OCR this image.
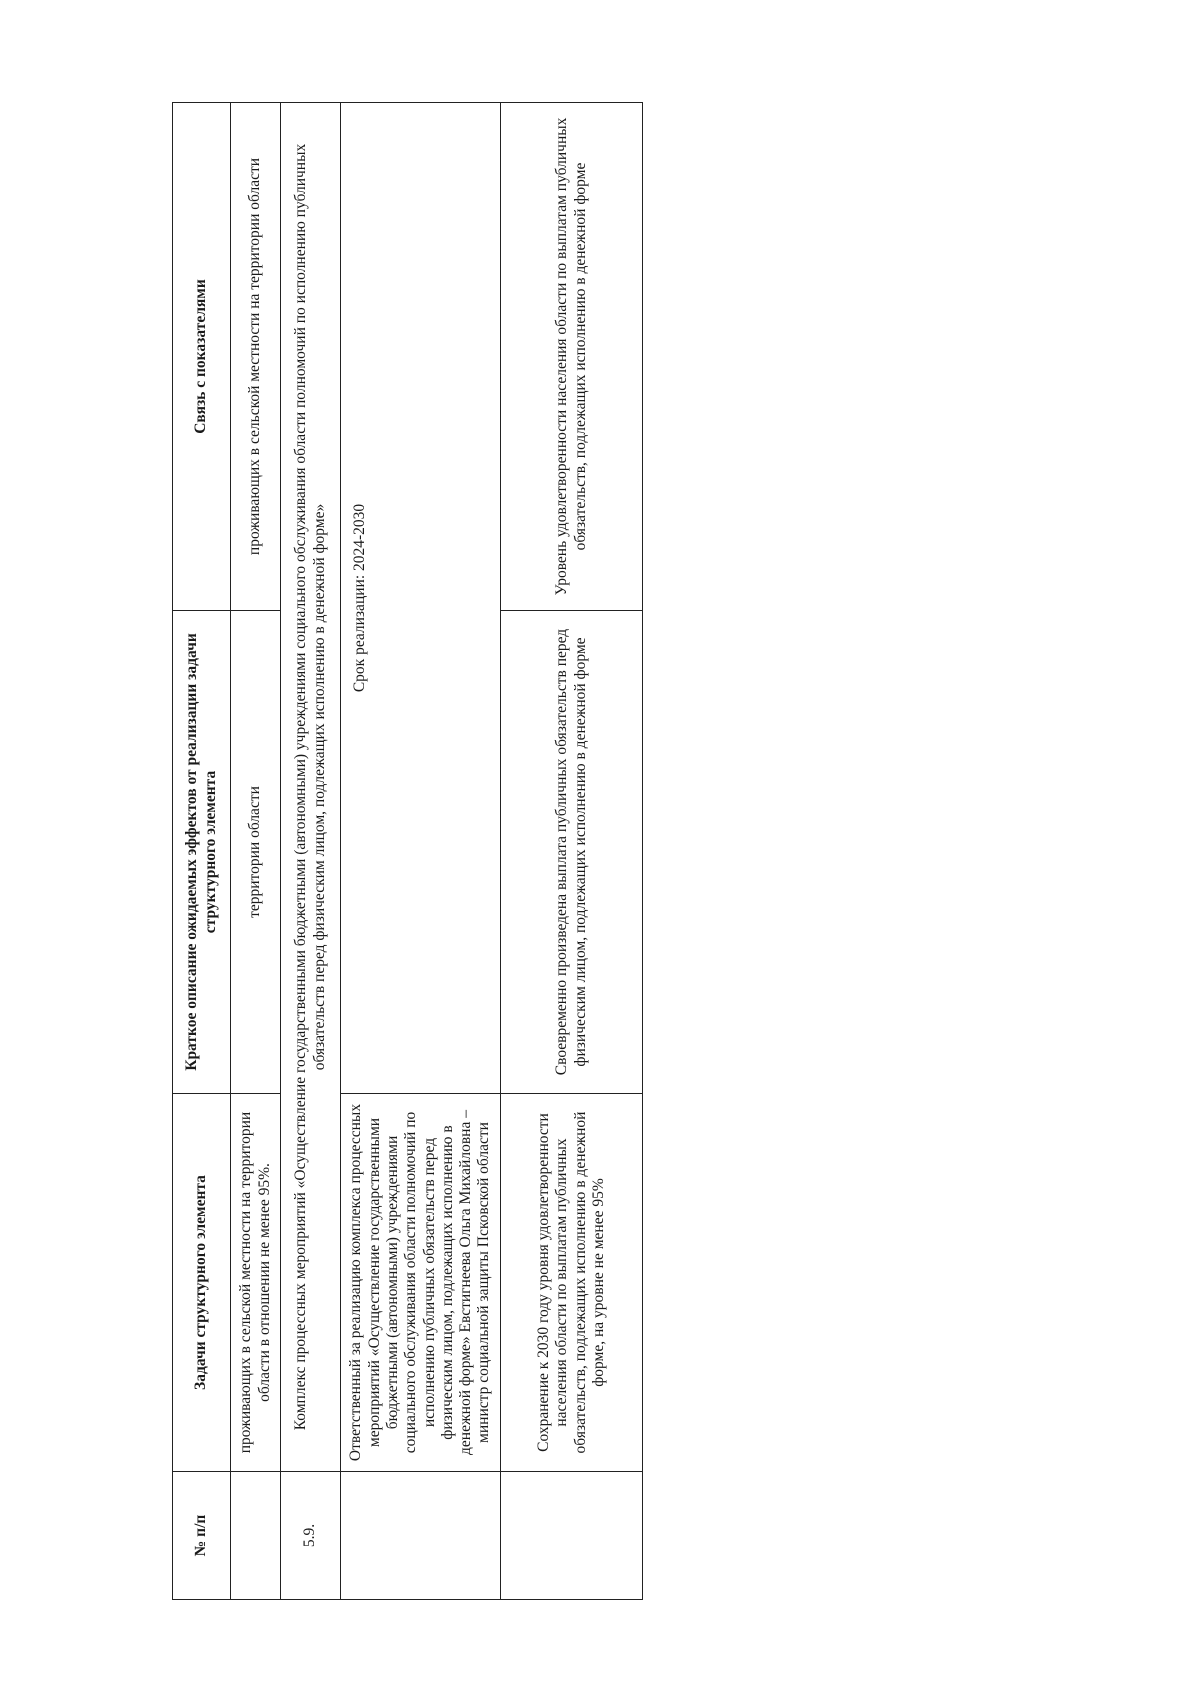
№ п/п	Задачи структурного элемента	Краткое описание ожидаемых эффектов от реализации задачи структурного элемента	Связь с показателями
	проживающих в сельской местности на территории области в отношении не менее 95%.	территории области	проживающих в сельской местности на территории области
5.9.	Комплекс процессных мероприятий «Осуществление государственными бюджетными (автономными) учреждениями социального обслуживания области полномочий по исполнению публичных обязательств перед физическим лицом, подлежащих исполнению в денежной форме»		
	Ответственный за реализацию комплекса процессных мероприятий «Осуществление государственными бюджетными (автономными) учреждениями социального обслуживания области полномочий по исполнению публичных обязательств перед физическим лицом, подлежащих исполнению в денежной форме» Евстигнеева Ольга Михайловна – министр социальной защиты Псковской области	Срок реализации: 2024-2030	
	Сохранение к 2030 году уровня удовлетворенности населения области по выплатам публичных обязательств, подлежащих исполнению в денежной форме, на уровне не менее 95%	Своевременно произведена выплата публичных обязательств перед физическим лицом, подлежащих исполнению в денежной форме	Уровень удовлетворенности населения области по выплатам публичных обязательств, подлежащих исполнению в денежной форме
